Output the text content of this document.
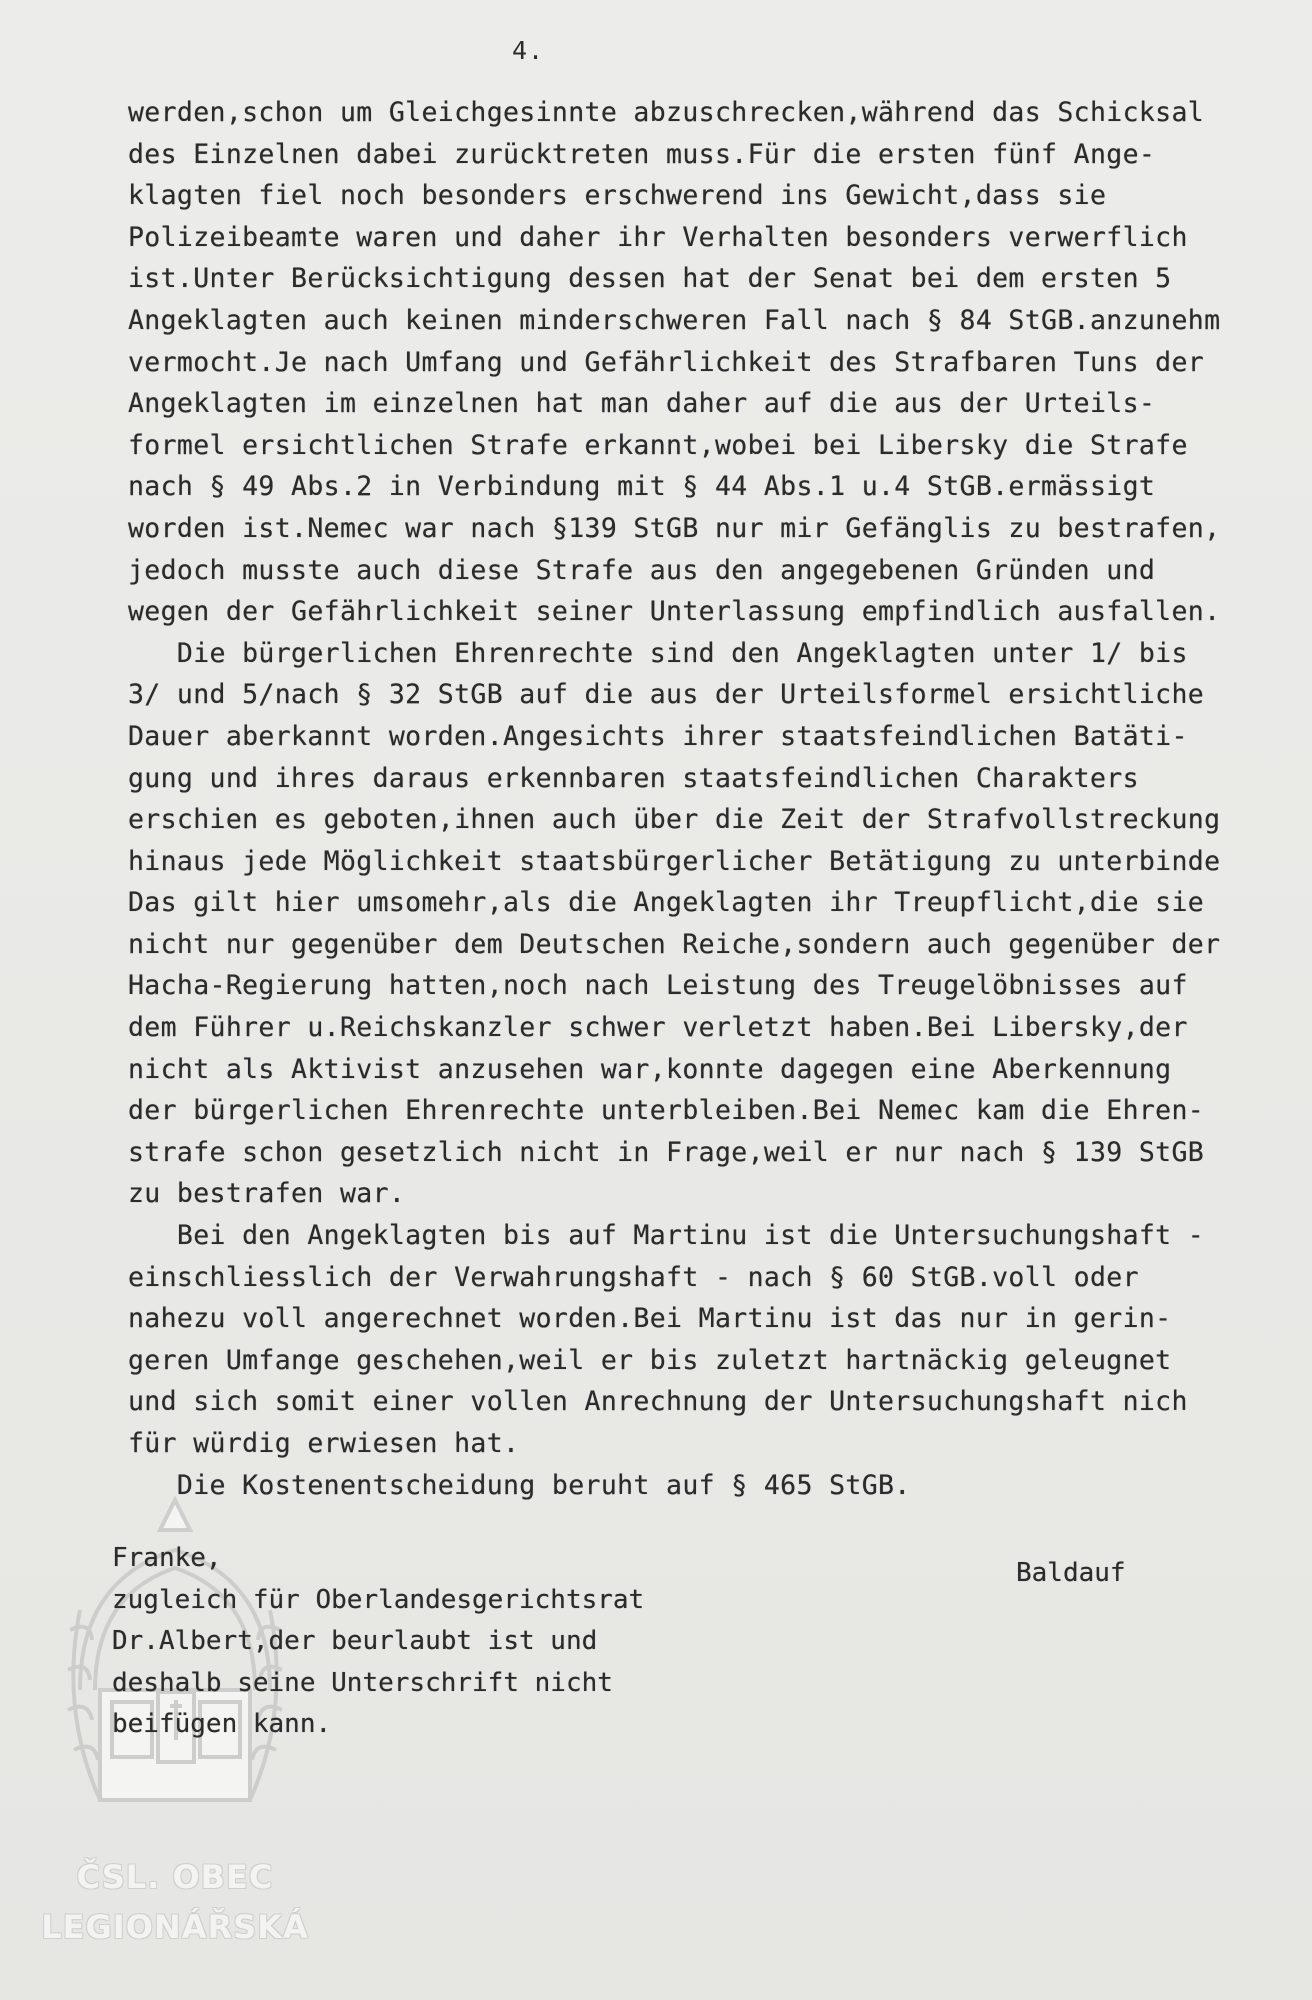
ČSL. OBEC
LEGIONÁŘSKÁ
4.
werden,schon um Gleichgesinnte abzuschrecken,während das Schicksal
des Einzelnen dabei zurücktreten muss.Für die ersten fünf Ange-
klagten fiel noch besonders erschwerend ins Gewicht,dass sie
Polizeibeamte waren und daher ihr Verhalten besonders verwerflich
ist.Unter Berücksichtigung dessen hat der Senat bei dem ersten 5
Angeklagten auch keinen minderschweren Fall nach § 84 StGB.anzunehm
vermocht.Je nach Umfang und Gefährlichkeit des Strafbaren Tuns der
Angeklagten im einzelnen hat man daher auf die aus der Urteils-
formel ersichtlichen Strafe erkannt,wobei bei Libersky die Strafe
nach § 49 Abs.2 in Verbindung mit § 44 Abs.1 u.4 StGB.ermässigt
worden ist.Nemec war nach §139 StGB nur mir Gefänglis zu bestrafen,
jedoch musste auch diese Strafe aus den angegebenen Gründen und
wegen der Gefährlichkeit seiner Unterlassung empfindlich ausfallen.
Die bürgerlichen Ehrenrechte sind den Angeklagten unter 1/ bis
3/ und 5/nach § 32 StGB auf die aus der Urteilsformel ersichtliche
Dauer aberkannt worden.Angesichts ihrer staatsfeindlichen Batäti-
gung und ihres daraus erkennbaren staatsfeindlichen Charakters
erschien es geboten,ihnen auch über die Zeit der Strafvollstreckung
hinaus jede Möglichkeit staatsbürgerlicher Betätigung zu unterbinde
Das gilt hier umsomehr,als die Angeklagten ihr Treupflicht,die sie
nicht nur gegenüber dem Deutschen Reiche,sondern auch gegenüber der
Hacha-Regierung hatten,noch nach Leistung des Treugelöbnisses auf
dem Führer u.Reichskanzler schwer verletzt haben.Bei Libersky,der
nicht als Aktivist anzusehen war,konnte dagegen eine Aberkennung
der bürgerlichen Ehrenrechte unterbleiben.Bei Nemec kam die Ehren-
strafe schon gesetzlich nicht in Frage,weil er nur nach § 139 StGB
zu bestrafen war.
Bei den Angeklagten bis auf Martinu ist die Untersuchungshaft -
einschliesslich der Verwahrungshaft - nach § 60 StGB.voll oder
nahezu voll angerechnet worden.Bei Martinu ist das nur in gerin-
geren Umfange geschehen,weil er bis zuletzt hartnäckig geleugnet
und sich somit einer vollen Anrechnung der Untersuchungshaft nich
für würdig erwiesen hat.
Die Kostenentscheidung beruht auf § 465 StGB.
Franke,
zugleich für Oberlandesgerichtsrat
Dr.Albert,der beurlaubt ist und
deshalb seine Unterschrift nicht
beifügen kann.
Baldauf
